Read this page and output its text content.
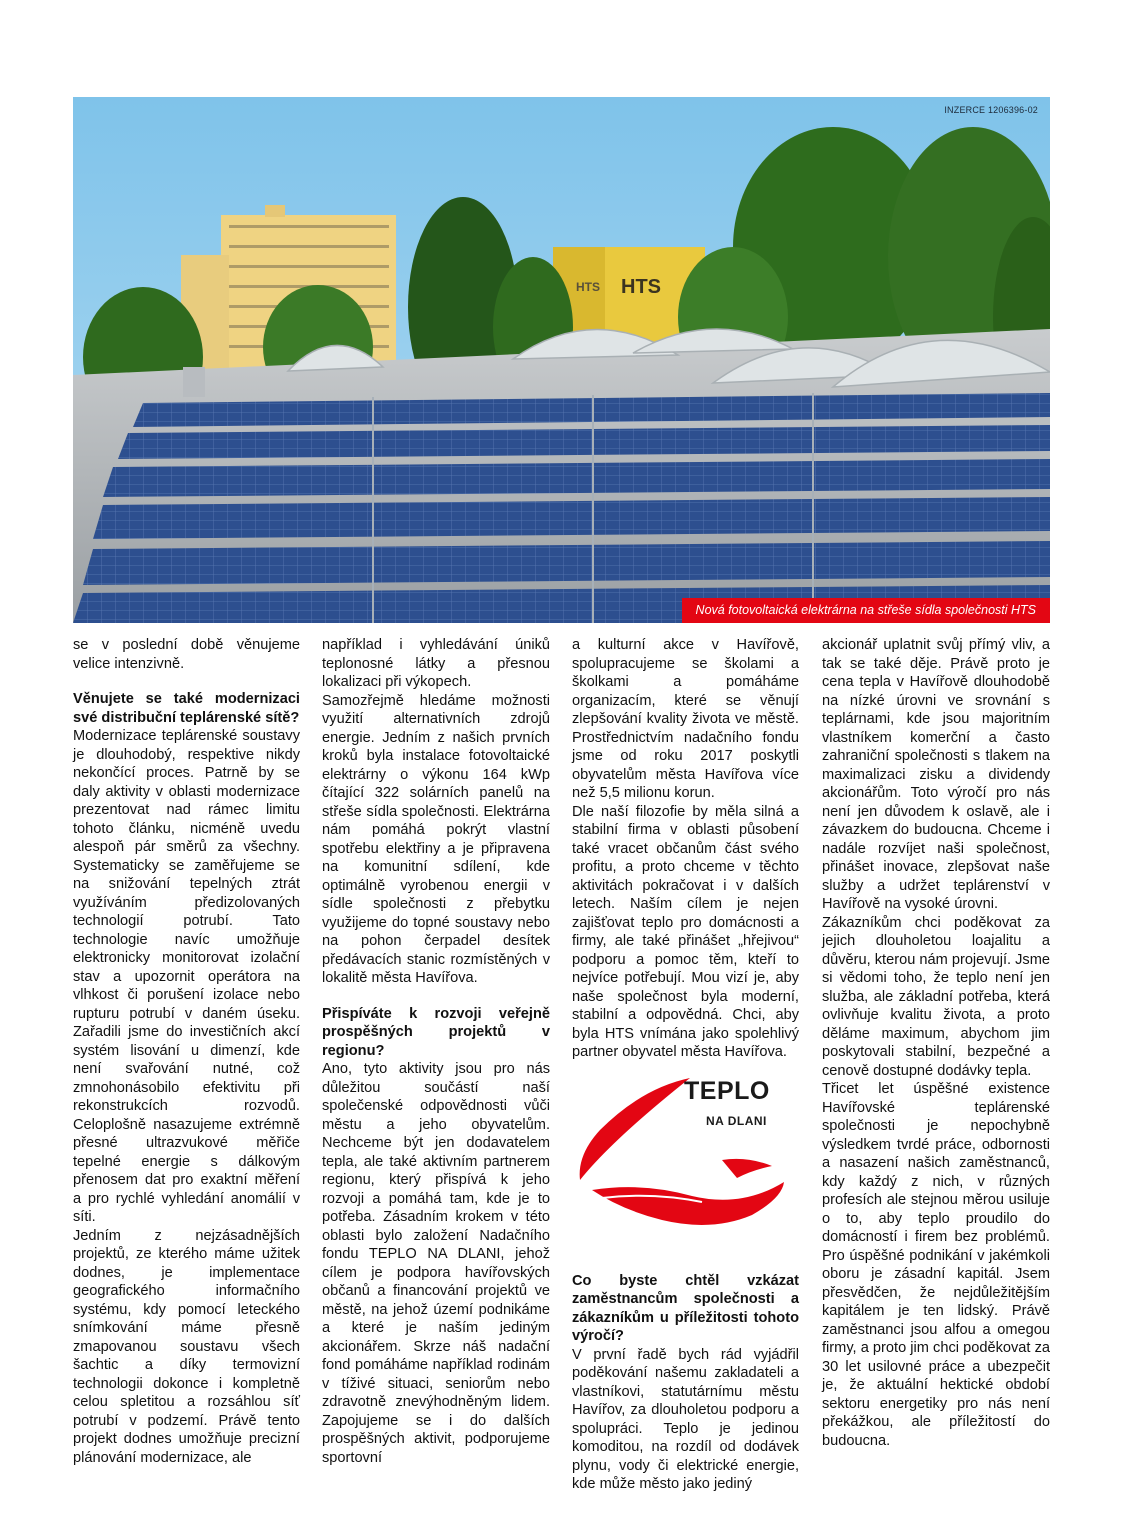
HTS HTS
INZERCE 1206396-02
Nová fotovoltaická elektrárna na střeše sídla společnosti HTS

se v poslední době věnujeme velice intenzivně.

Věnujete se také modernizaci své distribuční teplárenské sítě?

Modernizace teplárenské soustavy je dlouhodobý, respektive nikdy nekončící proces. Patrně by se daly aktivity v oblasti modernizace prezentovat nad rámec limitu tohoto článku, nicméně uvedu alespoň pár směrů za všechny. Systematicky se zaměřujeme se na snižování tepelných ztrát využíváním předizolovaných technologií potrubí. Tato technologie navíc umožňuje elektronicky monitorovat izolační stav a upozornit operátora na vlhkost či porušení izolace nebo rupturu potrubí v daném úseku. Zařadili jsme do investičních akcí systém lisování u dimenzí, kde není svařování nutné, což zmnohonásobilo efektivitu při rekonstrukcích rozvodů. Celoplošně nasazujeme extrémně přesné ultrazvukové měřiče tepelné energie s dálkovým přenosem dat pro exaktní měření a pro rychlé vyhledání anomálií v síti.

Jedním z nejzásadnějších projektů, ze kterého máme užitek dodnes, je implementace geografického informačního systému, kdy pomocí leteckého snímkování máme přesně zmapovanou soustavu všech šachtic a díky termovizní technologii dokonce i kompletně celou spletitou a rozsáhlou síť potrubí v podzemí. Právě tento projekt dodnes umožňuje precizní plánování modernizace, ale

například i vyhledávání úniků teplonosné látky a přesnou lokalizaci při výkopech.

Samozřejmě hledáme možnosti využití alternativních zdrojů energie. Jedním z našich prvních kroků byla instalace fotovoltaické elektrárny o výkonu 164 kWp čítající 322 solárních panelů na střeše sídla společnosti. Elektrárna nám pomáhá pokrýt vlastní spotřebu elektřiny a je připravena na komunitní sdílení, kde optimálně vyrobenou energii v sídle společnosti z přebytku využijeme do topné soustavy nebo na pohon čerpadel desítek předávacích stanic rozmístěných v lokalitě města Havířova.

Přispíváte k rozvoji veřejně prospěšných projektů v regionu?

Ano, tyto aktivity jsou pro nás důležitou součástí naší společenské odpovědnosti vůči městu a jeho obyvatelům. Nechceme být jen dodavatelem tepla, ale také aktivním partnerem regionu, který přispívá k jeho rozvoji a pomáhá tam, kde je to potřeba. Zásadním krokem v této oblasti bylo založení Nadačního fondu TEPLO NA DLANI, jehož cílem je podpora havířovských občanů a financování projektů ve městě, na jehož území podnikáme a které je naším jediným akcionářem. Skrze náš nadační fond pomáháme například rodinám v tíživé situaci, seniorům nebo zdravotně znevýhodněným lidem. Zapojujeme se i do dalších prospěšných aktivit, podporujeme sportovní

a kulturní akce v Havířově, spolupracujeme se školami a školkami a pomáháme organizacím, které se věnují zlepšování kvality života ve městě. Prostřednictvím nadačního fondu jsme od roku 2017 poskytli obyvatelům města Havířova více než 5,5 milionu korun.

Dle naší filozofie by měla silná a stabilní firma v oblasti působení také vracet občanům část svého profitu, a proto chceme v těchto aktivitách pokračovat i v dalších letech. Naším cílem je nejen zajišťovat teplo pro domácnosti a firmy, ale také přinášet „hřejivou“ podporu a pomoc těm, kteří to nejvíce potřebují. Mou vizí je, aby naše společnost byla moderní, stabilní a odpovědná. Chci, aby byla HTS vnímána jako spolehlivý partner obyvatel města Havířova.

TEPLO
NA DLANI
Co byste chtěl vzkázat zaměstnancům společnosti a zákazníkům u příležitosti tohoto výročí?

V první řadě bych rád vyjádřil poděkování našemu zakladateli a vlastníkovi, statutárnímu městu Havířov, za dlouholetou podporu a spolupráci. Teplo je jedinou komoditou, na rozdíl od dodávek plynu, vody či elektrické energie, kde může město jako jediný

akcionář uplatnit svůj přímý vliv, a tak se také děje. Právě proto je cena tepla v Havířově dlouhodobě na nízké úrovni ve srovnání s teplárnami, kde jsou majoritním vlastníkem komerční a často zahraniční společnosti s tlakem na maximalizaci zisku a dividendy akcionářům. Toto výročí pro nás není jen důvodem k oslavě, ale i závazkem do budoucna. Chceme i nadále rozvíjet naši společnost, přinášet inovace, zlepšovat naše služby a udržet teplárenství v Havířově na vysoké úrovni.

Zákazníkům chci poděkovat za jejich dlouholetou loajalitu a důvěru, kterou nám projevují. Jsme si vědomi toho, že teplo není jen služba, ale základní potřeba, která ovlivňuje kvalitu života, a proto děláme maximum, abychom jim poskytovali stabilní, bezpečné a cenově dostupné dodávky tepla.

Třicet let úspěšné existence Havířovské teplárenské společnosti je nepochybně výsledkem tvrdé práce, odbornosti a nasazení našich zaměstnanců, kdy každý z nich, v různých profesích ale stejnou měrou usiluje o to, aby teplo proudilo do domácností i firem bez problémů. Pro úspěšné podnikání v jakémkoli oboru je zásadní kapitál. Jsem přesvědčen, že nejdůležitějším kapitálem je ten lidský. Právě zaměstnanci jsou alfou a omegou firmy, a proto jim chci poděkovat za 30 let usilovné práce a ubezpečit je, že aktuální hektické období sektoru energetiky pro nás není překážkou, ale příležitostí do budoucna.
